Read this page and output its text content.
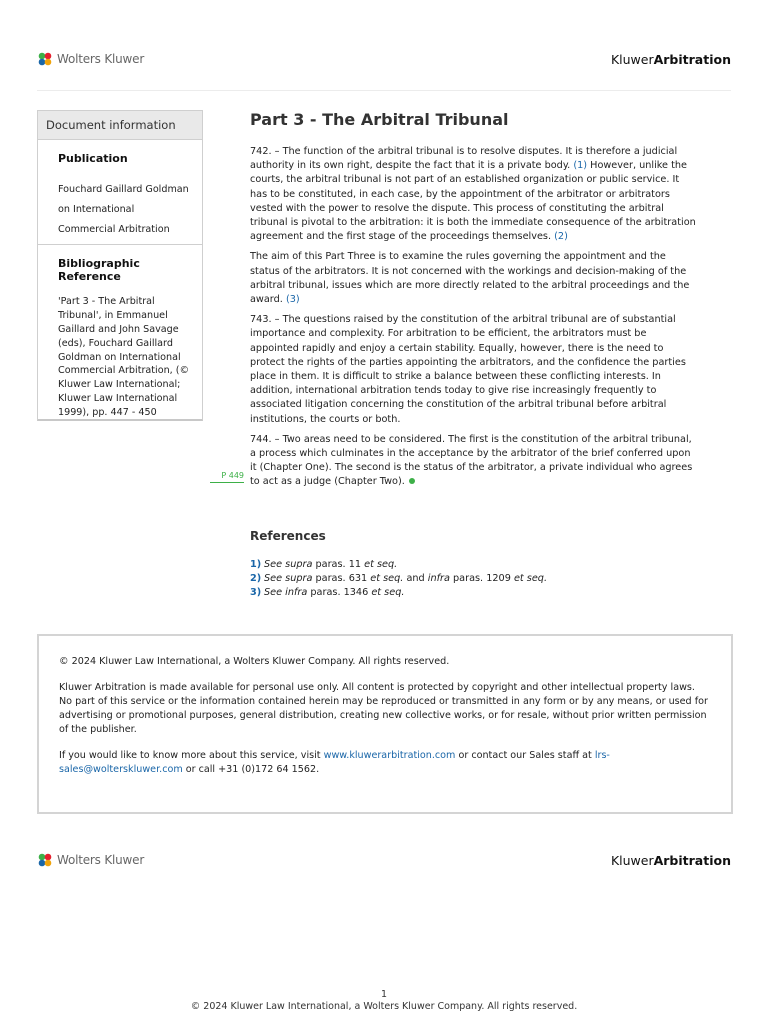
Wolters Kluwer	KluwerArbitration
Document information
Publication
Fouchard Gaillard Goldman on International Commercial Arbitration
Bibliographic Reference
'Part 3 - The Arbitral Tribunal', in Emmanuel Gaillard and John Savage (eds), Fouchard Gaillard Goldman on International Commercial Arbitration, (© Kluwer Law International; Kluwer Law International 1999), pp. 447 - 450
Part 3 - The Arbitral Tribunal

742. – The function of the arbitral tribunal is to resolve disputes. It is therefore a judicial authority in its own right, despite the fact that it is a private body. (1) However, unlike the courts, the arbitral tribunal is not part of an established organization or public service. It has to be constituted, in each case, by the appointment of the arbitrator or arbitrators vested with the power to resolve the dispute. This process of constituting the arbitral tribunal is pivotal to the arbitration: it is both the immediate consequence of the arbitration agreement and the first stage of the proceedings themselves. (2)

The aim of this Part Three is to examine the rules governing the appointment and the status of the arbitrators. It is not concerned with the workings and decision-making of the arbitral tribunal, issues which are more directly related to the arbitral proceedings and the award. (3)

743. – The questions raised by the constitution of the arbitral tribunal are of substantial importance and complexity. For arbitration to be efficient, the arbitrators must be appointed rapidly and enjoy a certain stability. Equally, however, there is the need to protect the rights of the parties appointing the arbitrators, and the confidence the parties place in them. It is difficult to strike a balance between these conflicting interests. In addition, international arbitration tends today to give rise increasingly frequently to associated litigation concerning the constitution of the arbitral tribunal before arbitral institutions, the courts or both.

744. – Two areas need to be considered. The first is the constitution of the arbitral tribunal, a process which culminates in the acceptance by the arbitrator of the brief conferred upon it (Chapter One). The second is the status of the arbitrator, a private individual who agrees to act as a judge (Chapter Two).

P 449
References
1) See supra paras. 11 et seq.
2) See supra paras. 631 et seq. and infra paras. 1209 et seq.
3) See infra paras. 1346 et seq.

© 2024 Kluwer Law International, a Wolters Kluwer Company. All rights reserved.

Kluwer Arbitration is made available for personal use only. All content is protected by copyright and other intellectual property laws. No part of this service or the information contained herein may be reproduced or transmitted in any form or by any means, or used for advertising or promotional purposes, general distribution, creating new collective works, or for resale, without prior written permission of the publisher.

If you would like to know more about this service, visit www.kluwerarbitration.com or contact our Sales staff at lrs-sales@wolterskluwer.com or call +31 (0)172 64 1562.

Wolters Kluwer	KluwerArbitration
1
© 2024 Kluwer Law International, a Wolters Kluwer Company. All rights reserved.
